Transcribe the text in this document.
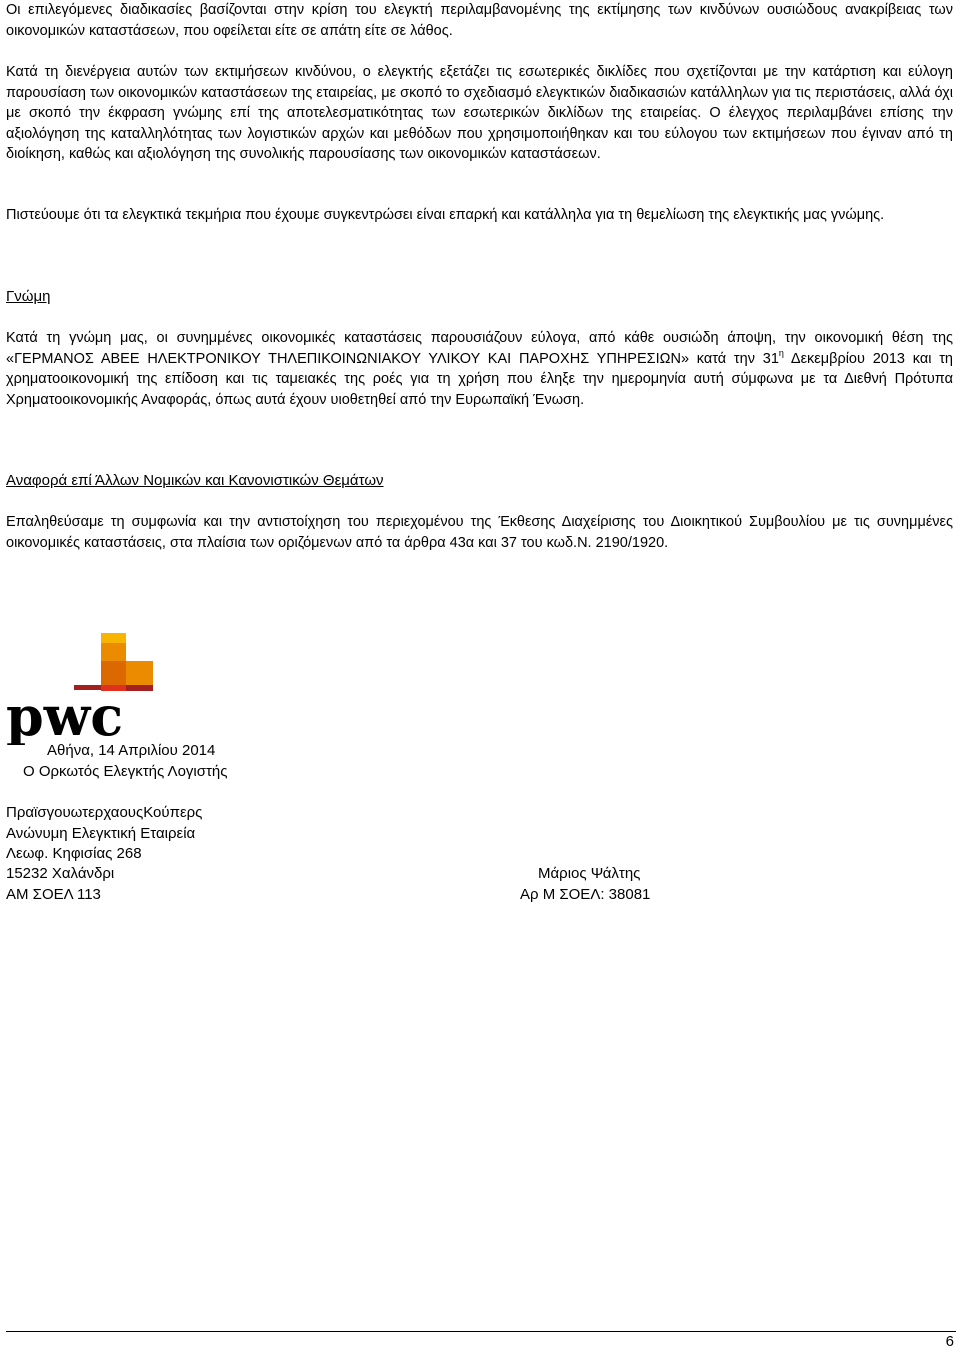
Οι επιλεγόμενες διαδικασίες βασίζονται στην κρίση του ελεγκτή περιλαμβανομένης της εκτίμησης των κινδύνων ουσιώδους ανακρίβειας των οικονομικών καταστάσεων, που οφείλεται είτε σε απάτη είτε σε λάθος.

Κατά τη διενέργεια αυτών των εκτιμήσεων κινδύνου, ο ελεγκτής εξετάζει τις εσωτερικές δικλίδες που σχετίζονται με την κατάρτιση και εύλογη παρουσίαση των οικονομικών καταστάσεων της εταιρείας, με σκοπό το σχεδιασμό ελεγκτικών διαδικασιών κατάλληλων για τις περιστάσεις, αλλά όχι με σκοπό την έκφραση γνώμης επί της αποτελεσματικότητας των εσωτερικών δικλίδων της εταιρείας. Ο έλεγχος περιλαμβάνει επίσης την αξιολόγηση της καταλληλότητας των λογιστικών αρχών και μεθόδων που χρησιμοποιήθηκαν και του εύλογου των εκτιμήσεων που έγιναν από τη διοίκηση, καθώς και αξιολόγηση της συνολικής παρουσίασης των οικονομικών καταστάσεων.

Πιστεύουμε ότι τα ελεγκτικά τεκμήρια που έχουμε συγκεντρώσει είναι επαρκή και κατάλληλα για τη θεμελίωση της ελεγκτικής μας γνώμης.

Γνώμη

Κατά τη γνώμη μας, οι συνημμένες οικονομικές καταστάσεις παρουσιάζουν εύλογα, από κάθε ουσιώδη άποψη, την οικονομική θέση της «ΓΕΡΜΑΝΟΣ ΑΒΕΕ ΗΛΕΚΤΡΟΝΙΚΟΥ ΤΗΛΕΠΙΚΟΙΝΩΝΙΑΚΟΥ ΥΛΙΚΟΥ ΚΑΙ ΠΑΡΟΧΗΣ ΥΠΗΡΕΣΙΩΝ» κατά την $31^\eta$ Δεκεμβρίου 2013 και τη χρηματοοικονομική της επίδοση και τις ταμειακές της ροές για τη χρήση που έληξε την ημερομηνία αυτή σύμφωνα με τα Διεθνή Πρότυπα Χρηματοοικονομικής Αναφοράς, όπως αυτά έχουν υιοθετηθεί από την Ευρωπαϊκή Ένωση.

Αναφορά επί Άλλων Νομικών και Κανονιστικών Θεμάτων

Επαληθεύσαμε τη συμφωνία και την αντιστοίχηση του περιεχομένου της Έκθεσης Διαχείρισης του Διοικητικού Συμβουλίου με τις συνημμένες οικονομικές καταστάσεις, στα πλαίσια των οριζόμενων από τα άρθρα 43α και 37 του κωδ.Ν. 2190/1920.

pwc
Αθήνα, 14 Απριλίου 2014
Ο Ορκωτός Ελεγκτής Λογιστής
ΠραϊσγουωτερχαουςΚούπερς
Ανώνυμη Ελεγκτική Εταιρεία
Λεωφ. Κηφισίας 268
15232 Χαλάνδρι
ΑΜ ΣΟΕΛ 113
Μάριος Ψάλτης
Αρ Μ ΣΟΕΛ: 38081
6
